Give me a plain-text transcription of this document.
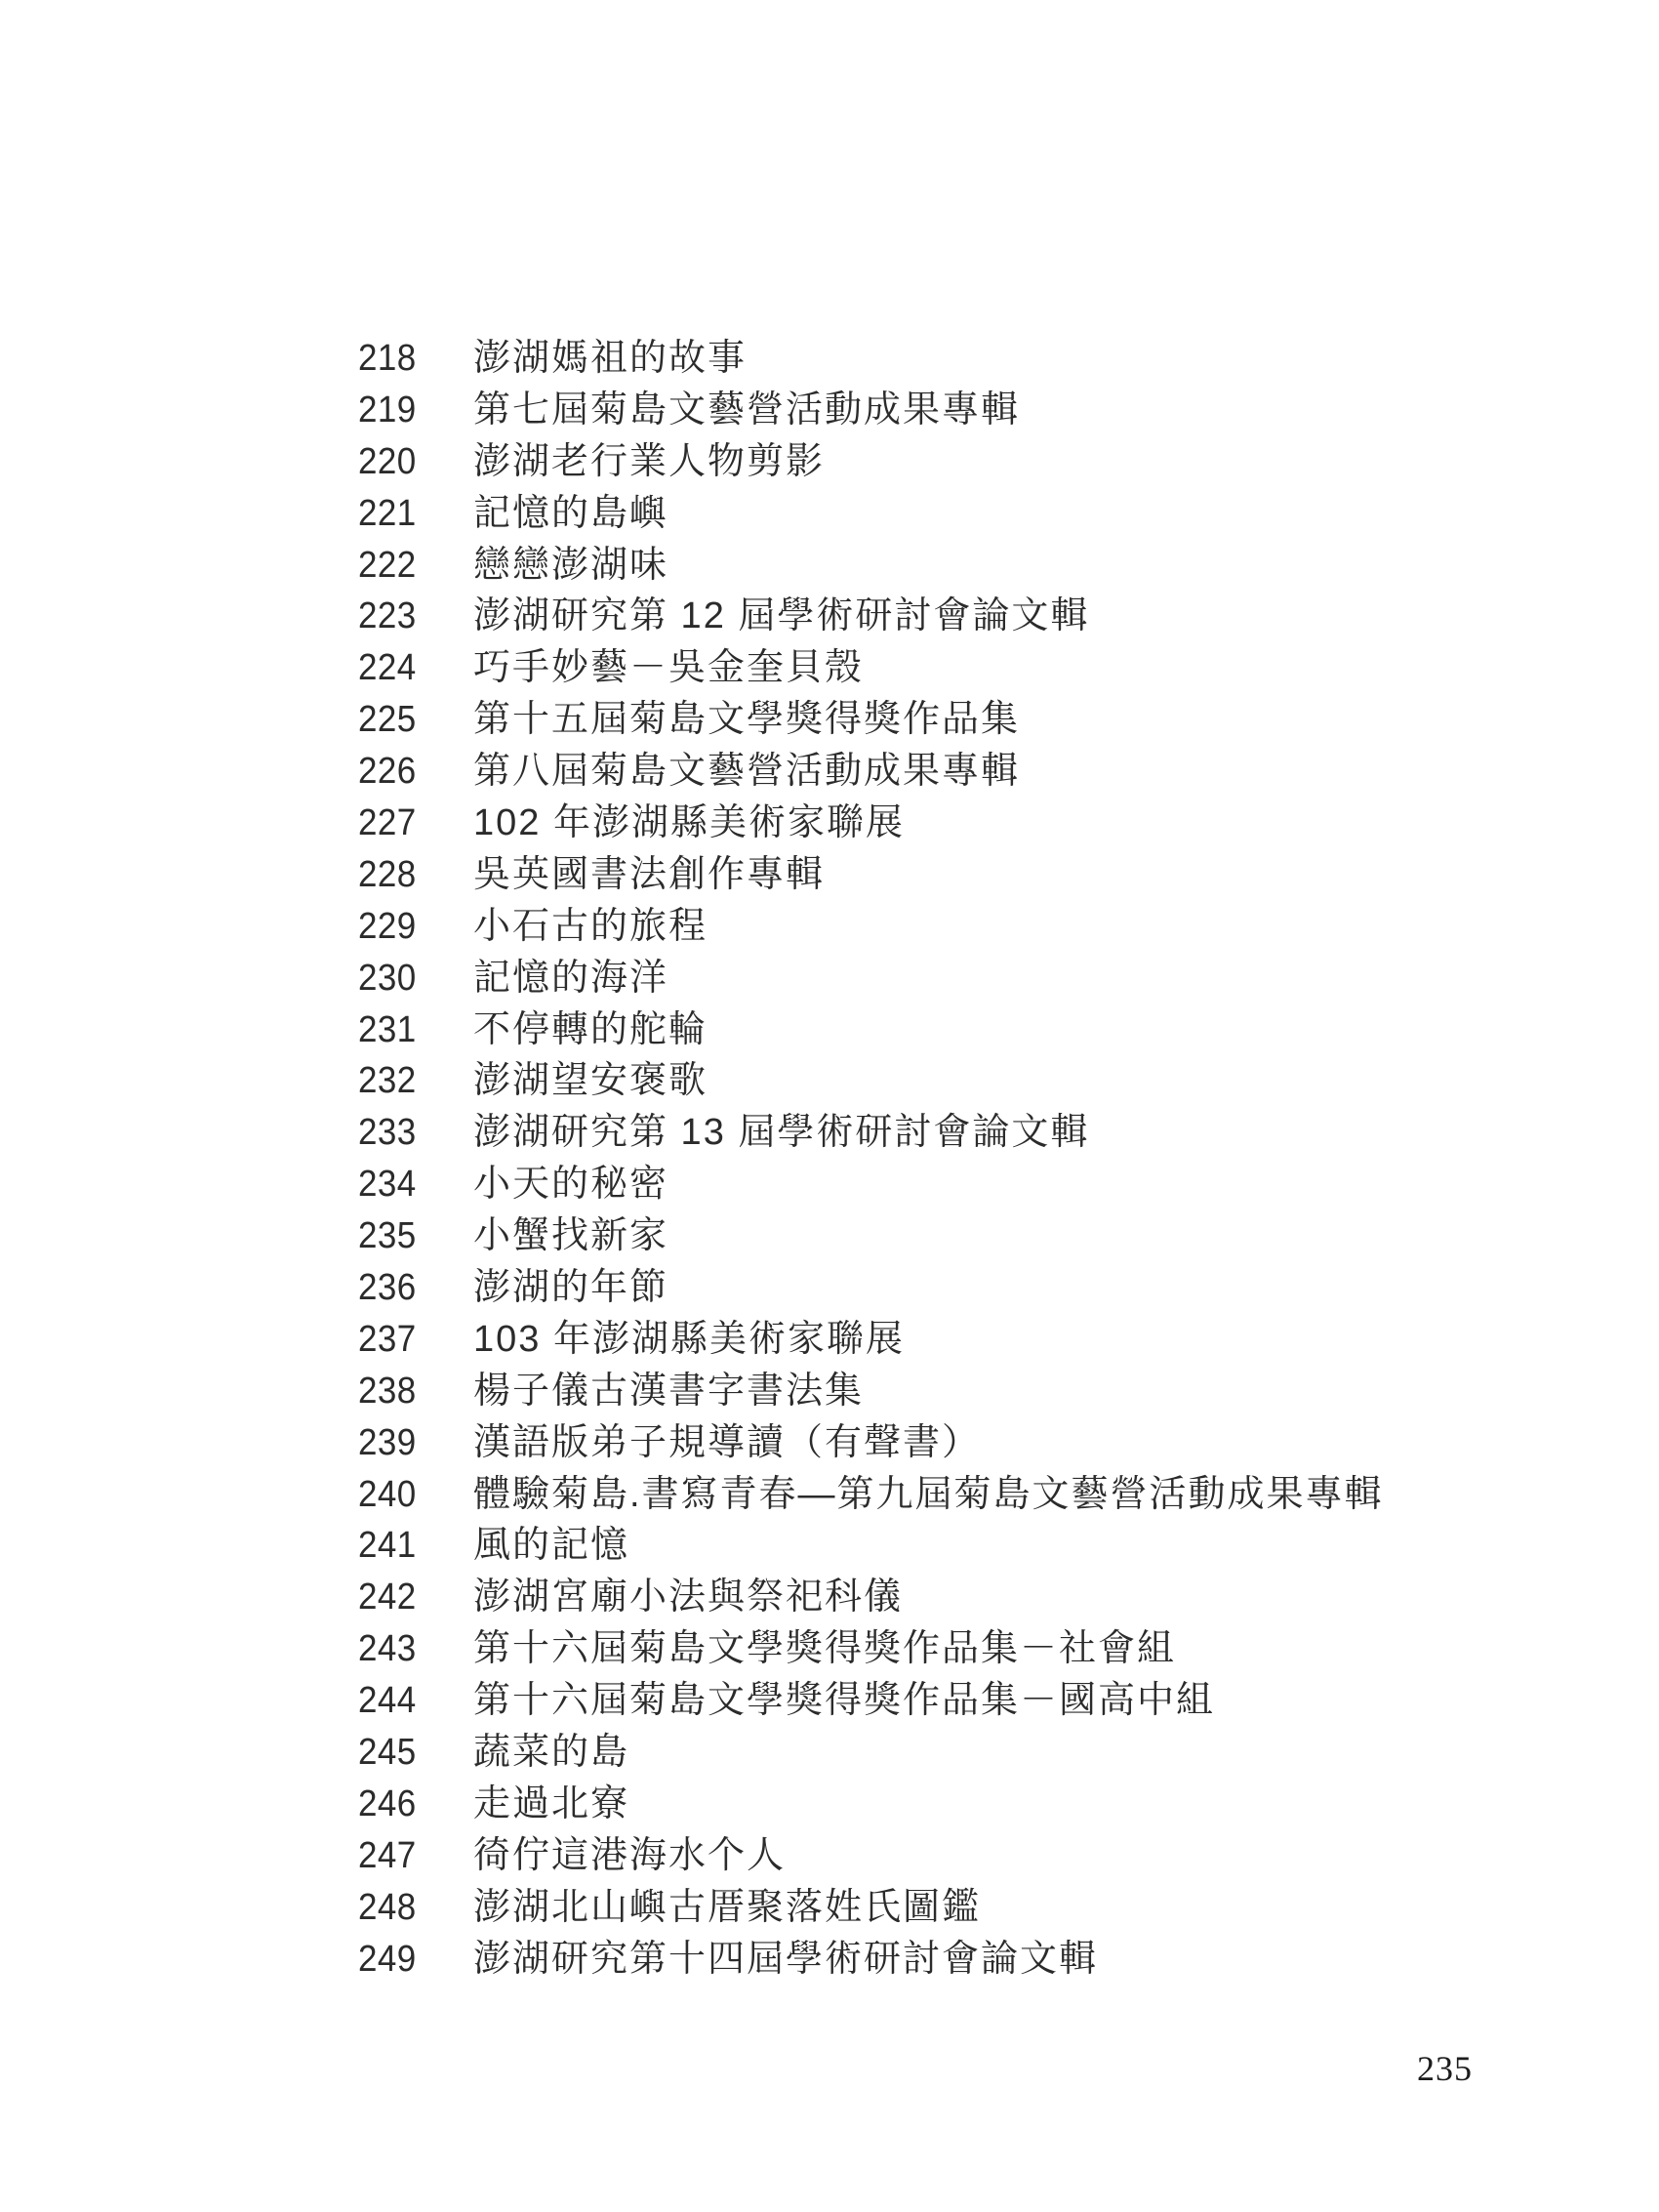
218	澎湖媽祖的故事
219	第七屆菊島文藝營活動成果專輯
220	澎湖老行業人物剪影
221	記憶的島嶼
222	戀戀澎湖味
223	澎湖研究第 12 屆學術研討會論文輯
224	巧手妙藝－吳金奎貝殼
225	第十五屆菊島文學獎得獎作品集
226	第八屆菊島文藝營活動成果專輯
227	102 年澎湖縣美術家聯展
228	吳英國書法創作專輯
229	小石古的旅程
230	記憶的海洋
231	不停轉的舵輪
232	澎湖望安褒歌
233	澎湖研究第 13 屆學術研討會論文輯
234	小天的秘密
235	小蟹找新家
236	澎湖的年節
237	103 年澎湖縣美術家聯展
238	楊子儀古漢書字書法集
239	漢語版弟子規導讀（有聲書）
240	體驗菊島.書寫青春—第九屆菊島文藝營活動成果專輯
241	風的記憶
242	澎湖宮廟小法與祭祀科儀
243	第十六屆菊島文學獎得獎作品集－社會組
244	第十六屆菊島文學獎得獎作品集－國高中組
245	蔬菜的島
246	走過北寮
247	徛佇這港海水个人
248	澎湖北山嶼古厝聚落姓氏圖鑑
249	澎湖研究第十四屆學術研討會論文輯
235
